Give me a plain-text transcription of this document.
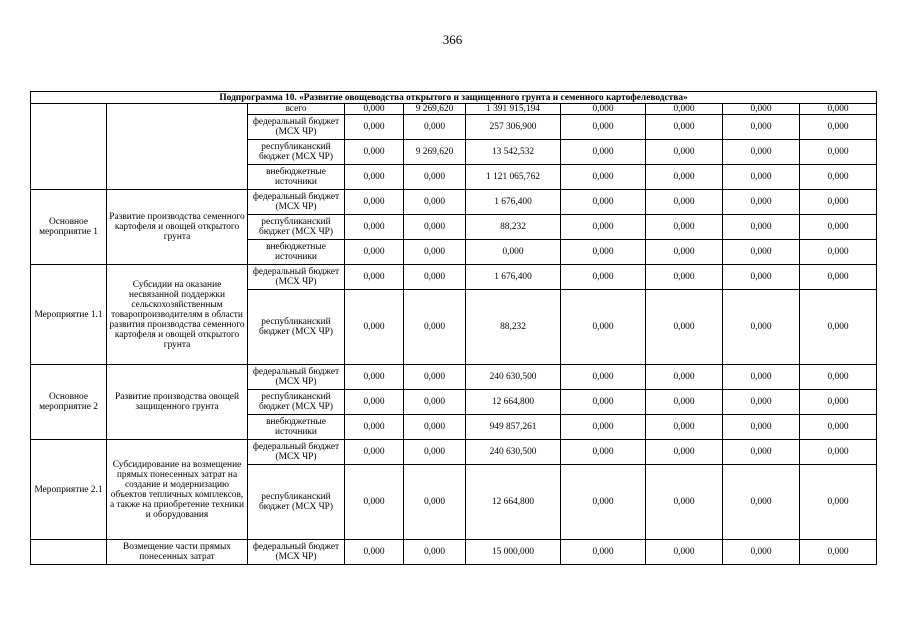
366
Подпрограмма 10. «Развитие овощеводства открытого и защищенного грунта и семенного картофелеводства»									
		всего	0,000	9 269,620	1 391 915,194	0,000	0,000	0,000	0,000
		федеральный бюджет (МСХ ЧР)	0,000	0,000	257 306,900	0,000	0,000	0,000	0,000
		республиканский бюджет (МСХ ЧР)	0,000	9 269,620	13 542,532	0,000	0,000	0,000	0,000
		внебюджетные источники	0,000	0,000	1 121 065,762	0,000	0,000	0,000	0,000
Основное мероприятие 1	Развитие производства семенного картофеля и овощей открытого грунта	федеральный бюджет (МСХ ЧР)	0,000	0,000	1 676,400	0,000	0,000	0,000	0,000
		республиканский бюджет (МСХ ЧР)	0,000	0,000	88,232	0,000	0,000	0,000	0,000
		внебюджетные источники	0,000	0,000	0,000	0,000	0,000	0,000	0,000
Мероприятие 1.1	Субсидии на оказание несвязанной поддержки сельскохозяйственным товаропроизводителям в области развития производства семенного картофеля и овощей открытого грунта	федеральный бюджет (МСХ ЧР)	0,000	0,000	1 676,400	0,000	0,000	0,000	0,000
		республиканский бюджет (МСХ ЧР)	0,000	0,000	88,232	0,000	0,000	0,000	0,000
Основное мероприятие 2	Развитие производства овощей защищенного грунта	федеральный бюджет (МСХ ЧР)	0,000	0,000	240 630,500	0,000	0,000	0,000	0,000
		республиканский бюджет (МСХ ЧР)	0,000	0,000	12 664,800	0,000	0,000	0,000	0,000
		внебюджетные источники	0,000	0,000	949 857,261	0,000	0,000	0,000	0,000
Мероприятие 2.1	Субсидирование на возмещение прямых понесенных затрат на создание и модернизацию объектов тепличных комплексов, а также на приобретение техники и оборудования	федеральный бюджет (МСХ ЧР)	0,000	0,000	240 630,500	0,000	0,000	0,000	0,000
		республиканский бюджет (МСХ ЧР)	0,000	0,000	12 664,800	0,000	0,000	0,000	0,000
	Возмещение части прямых понесенных затрат	федеральный бюджет (МСХ ЧР)	0,000	0,000	15 000,000	0,000	0,000	0,000	0,000
